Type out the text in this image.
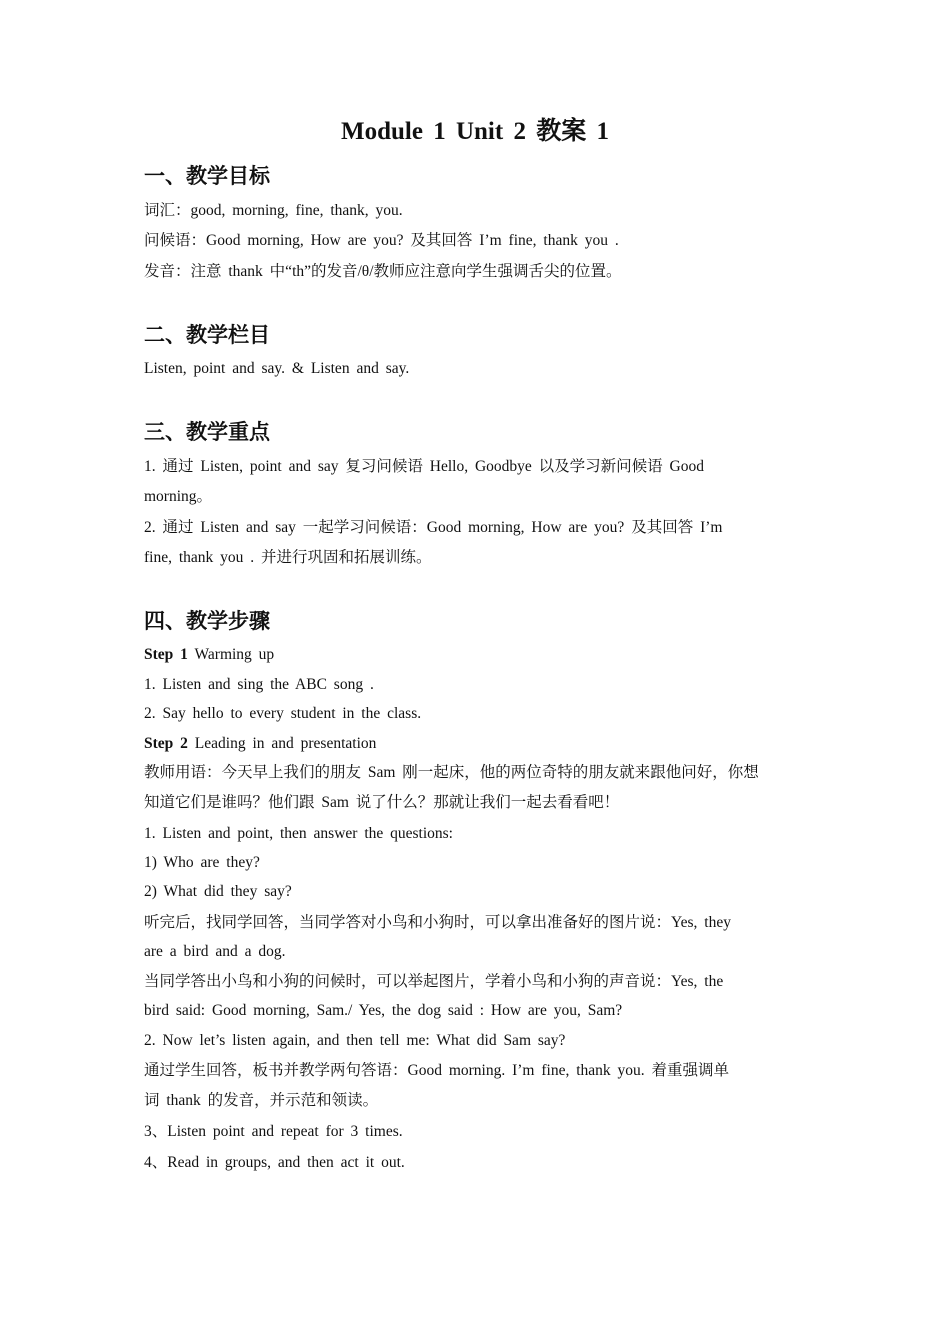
Module 1 Unit 2 教案 1
一、教学目标
词汇：good, morning, fine, thank, you.
问候语：Good morning, How are you? 及其回答 I’m fine, thank you .
发音：注意 thank 中“th”的发音/θ/教师应注意向学生强调舌尖的位置。
二、教学栏目
Listen, point and say. & Listen and say.
三、教学重点
1. 通过 Listen, point and say 复习问候语 Hello, Goodbye 以及学习新问候语 Good
morning。
2. 通过 Listen and say 一起学习问候语：Good morning, How are you? 及其回答 I’m
fine, thank you . 并进行巩固和拓展训练。
四、教学步骤
Step 1 Warming up
1. Listen and sing the ABC song .
2. Say hello to every student in the class.
Step 2 Leading in and presentation
教师用语：今天早上我们的朋友 Sam 刚一起床，他的两位奇特的朋友就来跟他问好，你想
知道它们是谁吗？他们跟 Sam 说了什么？那就让我们一起去看看吧！
1. Listen and point, then answer the questions:
1) Who are they?
2) What did they say?
听完后，找同学回答，当同学答对小鸟和小狗时，可以拿出准备好的图片说：Yes, they
are a bird and a dog.
当同学答出小鸟和小狗的问候时，可以举起图片，学着小鸟和小狗的声音说：Yes, the
bird said: Good morning, Sam./ Yes, the dog said : How are you, Sam?
2. Now let’s listen again, and then tell me: What did Sam say?
通过学生回答，板书并教学两句答语：Good morning. I’m fine, thank you. 着重强调单
词 thank 的发音，并示范和领读。
3、Listen point and repeat for 3 times.
4、Read in groups, and then act it out.
